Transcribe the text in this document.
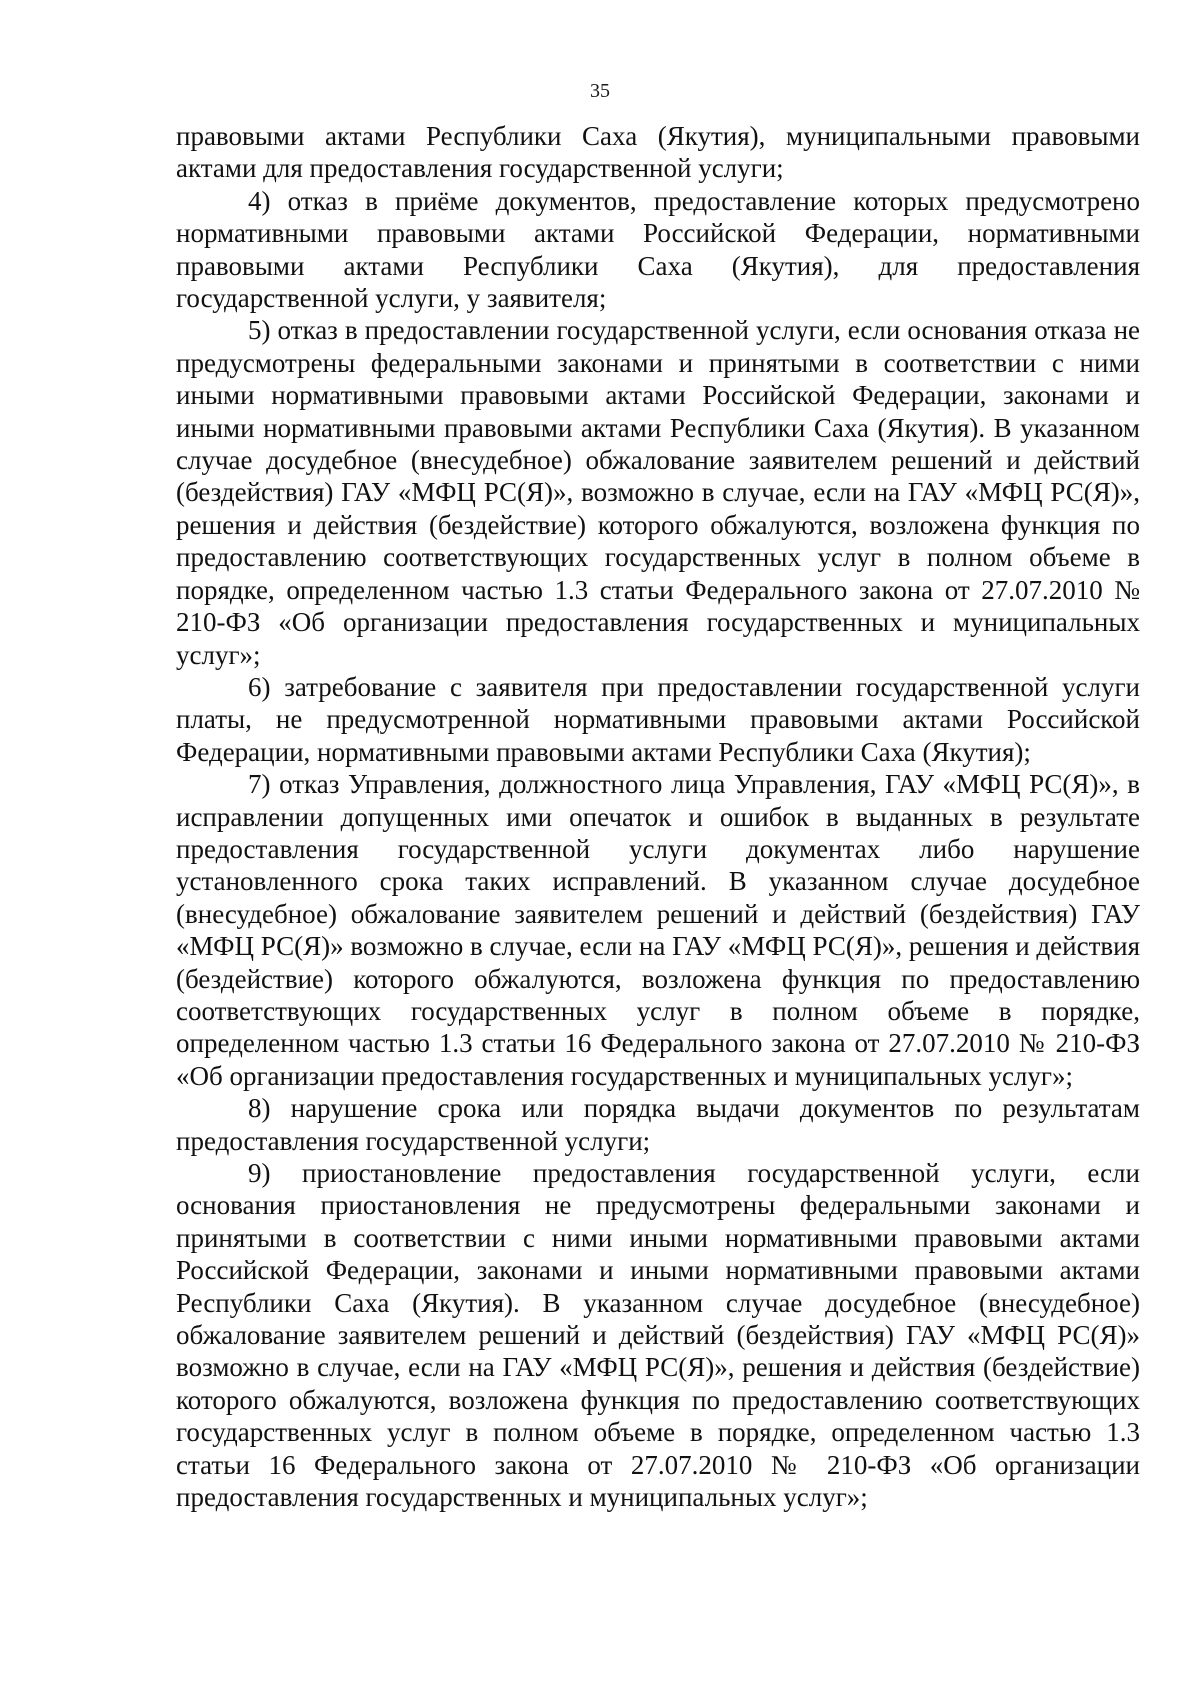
35

правовыми актами Республики Саха (Якутия), муниципальными правовыми актами для предоставления государственной услуги;

4) отказ в приёме документов, предоставление которых предусмотрено нормативными правовыми актами Российской Федерации, нормативными правовыми актами Республики Саха (Якутия), для предоставления государственной услуги, у заявителя;

5) отказ в предоставлении государственной услуги, если основания отказа не предусмотрены федеральными законами и принятыми в соответствии с ними иными нормативными правовыми актами Российской Федерации, законами и иными нормативными правовыми актами Республики Саха (Якутия). В указанном случае досудебное (внесудебное) обжалование заявителем решений и действий (бездействия) ГАУ «МФЦ РС(Я)», возможно в случае, если на ГАУ «МФЦ РС(Я)», решения и действия (бездействие) которого обжалуются, возложена функция по предоставлению соответствующих государственных услуг в полном объеме в порядке, определенном частью 1.3 статьи Федерального закона от 27.07.2010 № 210-ФЗ «Об организации предоставления государственных и муниципальных услуг»;

6) затребование с заявителя при предоставлении государственной услуги платы, не предусмотренной нормативными правовыми актами Российской Федерации, нормативными правовыми актами Республики Саха (Якутия);

7) отказ Управления, должностного лица Управления, ГАУ «МФЦ РС(Я)», в исправлении допущенных ими опечаток и ошибок в выданных в результате предоставления государственной услуги документах либо нарушение установленного срока таких исправлений. В указанном случае досудебное (внесудебное) обжалование заявителем решений и действий (бездействия) ГАУ «МФЦ РС(Я)» возможно в случае, если на ГАУ «МФЦ РС(Я)», решения и действия (бездействие) которого обжалуются, возложена функция по предоставлению соответствующих государственных услуг в полном объеме в порядке, определенном частью 1.3 статьи 16 Федерального закона от 27.07.2010 № 210-ФЗ «Об организации предоставления государственных и муниципальных услуг»;

8) нарушение срока или порядка выдачи документов по результатам предоставления государственной услуги;

9) приостановление предоставления государственной услуги, если основания приостановления не предусмотрены федеральными законами и принятыми в соответствии с ними иными нормативными правовыми актами Российской Федерации, законами и иными нормативными правовыми актами Республики Саха (Якутия). В указанном случае досудебное (внесудебное) обжалование заявителем решений и действий (бездействия) ГАУ «МФЦ РС(Я)» возможно в случае, если на ГАУ «МФЦ РС(Я)», решения и действия (бездействие) которого обжалуются, возложена функция по предоставлению соответствующих государственных услуг в полном объеме в порядке, определенном частью 1.3 статьи 16 Федерального закона от 27.07.2010 № 210-ФЗ «Об организации предоставления государственных и муниципальных услуг»;
